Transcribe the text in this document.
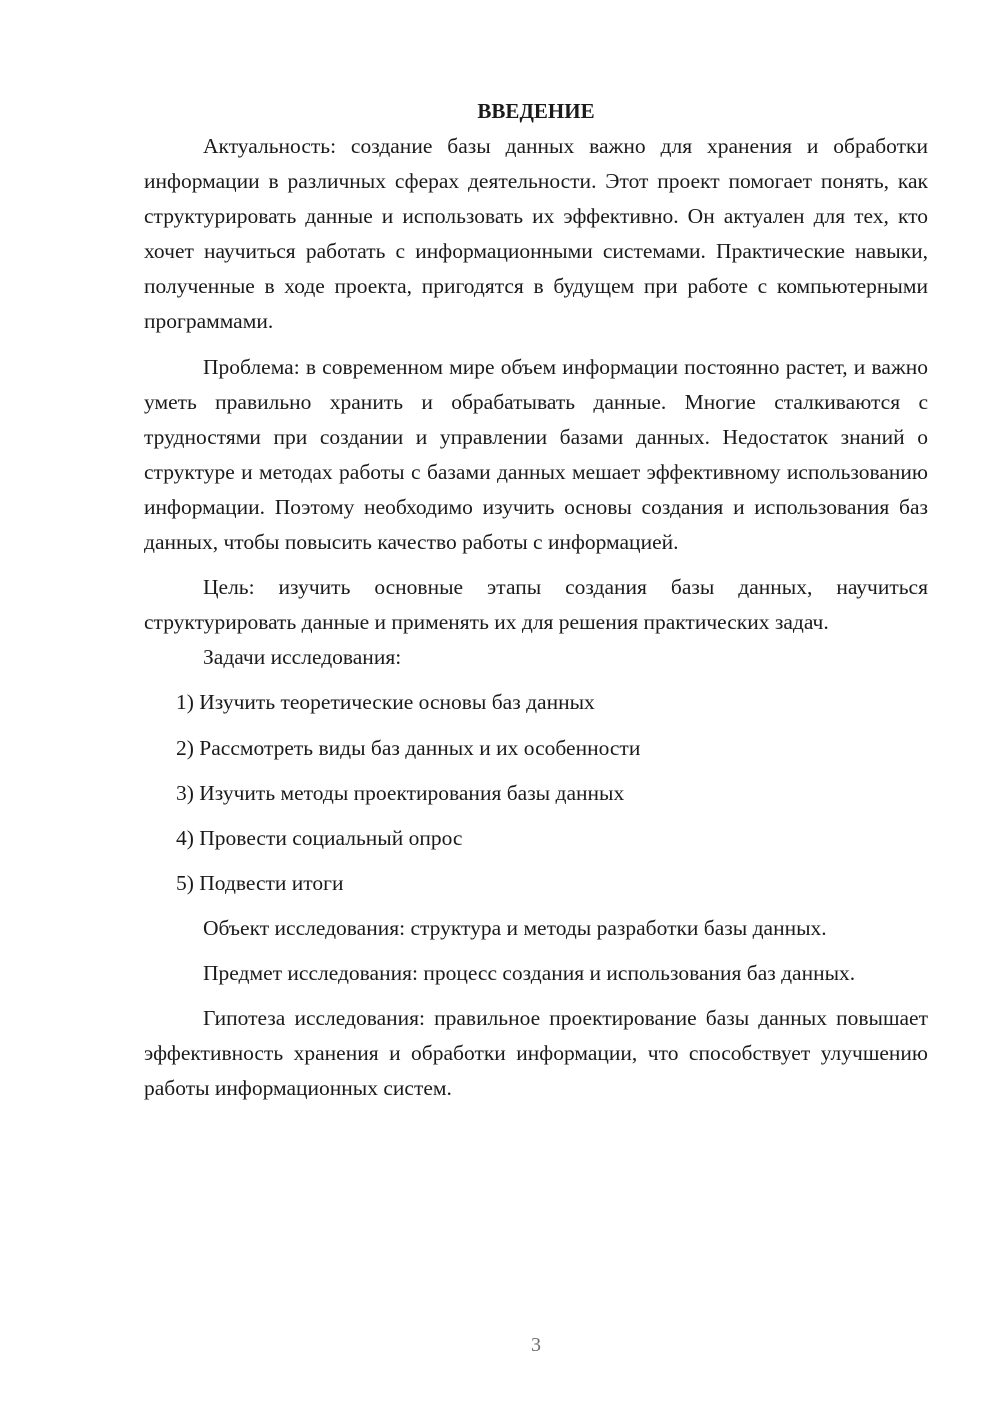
ВВЕДЕНИЕ

Актуальность: создание базы данных важно для хранения и обработки информации в различных сферах деятельности. Этот проект помогает понять, как структурировать данные и использовать их эффективно. Он актуален для тех, кто хочет научиться работать с информационными системами. Практические навыки, полученные в ходе проекта, пригодятся в будущем при работе с компьютерными программами.

Проблема: в современном мире объем информации постоянно растет, и важно уметь правильно хранить и обрабатывать данные. Многие сталкиваются с трудностями при создании и управлении базами данных. Недостаток знаний о структуре и методах работы с базами данных мешает эффективному использованию информации. Поэтому необходимо изучить основы создания и использования баз данных, чтобы повысить качество работы с информацией.

Цель: изучить основные этапы создания базы данных, научиться структурировать данные и применять их для решения практических задач.

Задачи исследования:

1) Изучить теоретические основы баз данных
2) Рассмотреть виды баз данных и их особенности
3) Изучить методы проектирования базы данных
4) Провести социальный опрос
5) Подвести итоги

Объект исследования: структура и методы разработки базы данных.

Предмет исследования: процесс создания и использования баз данных.

Гипотеза исследования: правильное проектирование базы данных повышает эффективность хранения и обработки информации, что способствует улучшению работы информационных систем.

3
